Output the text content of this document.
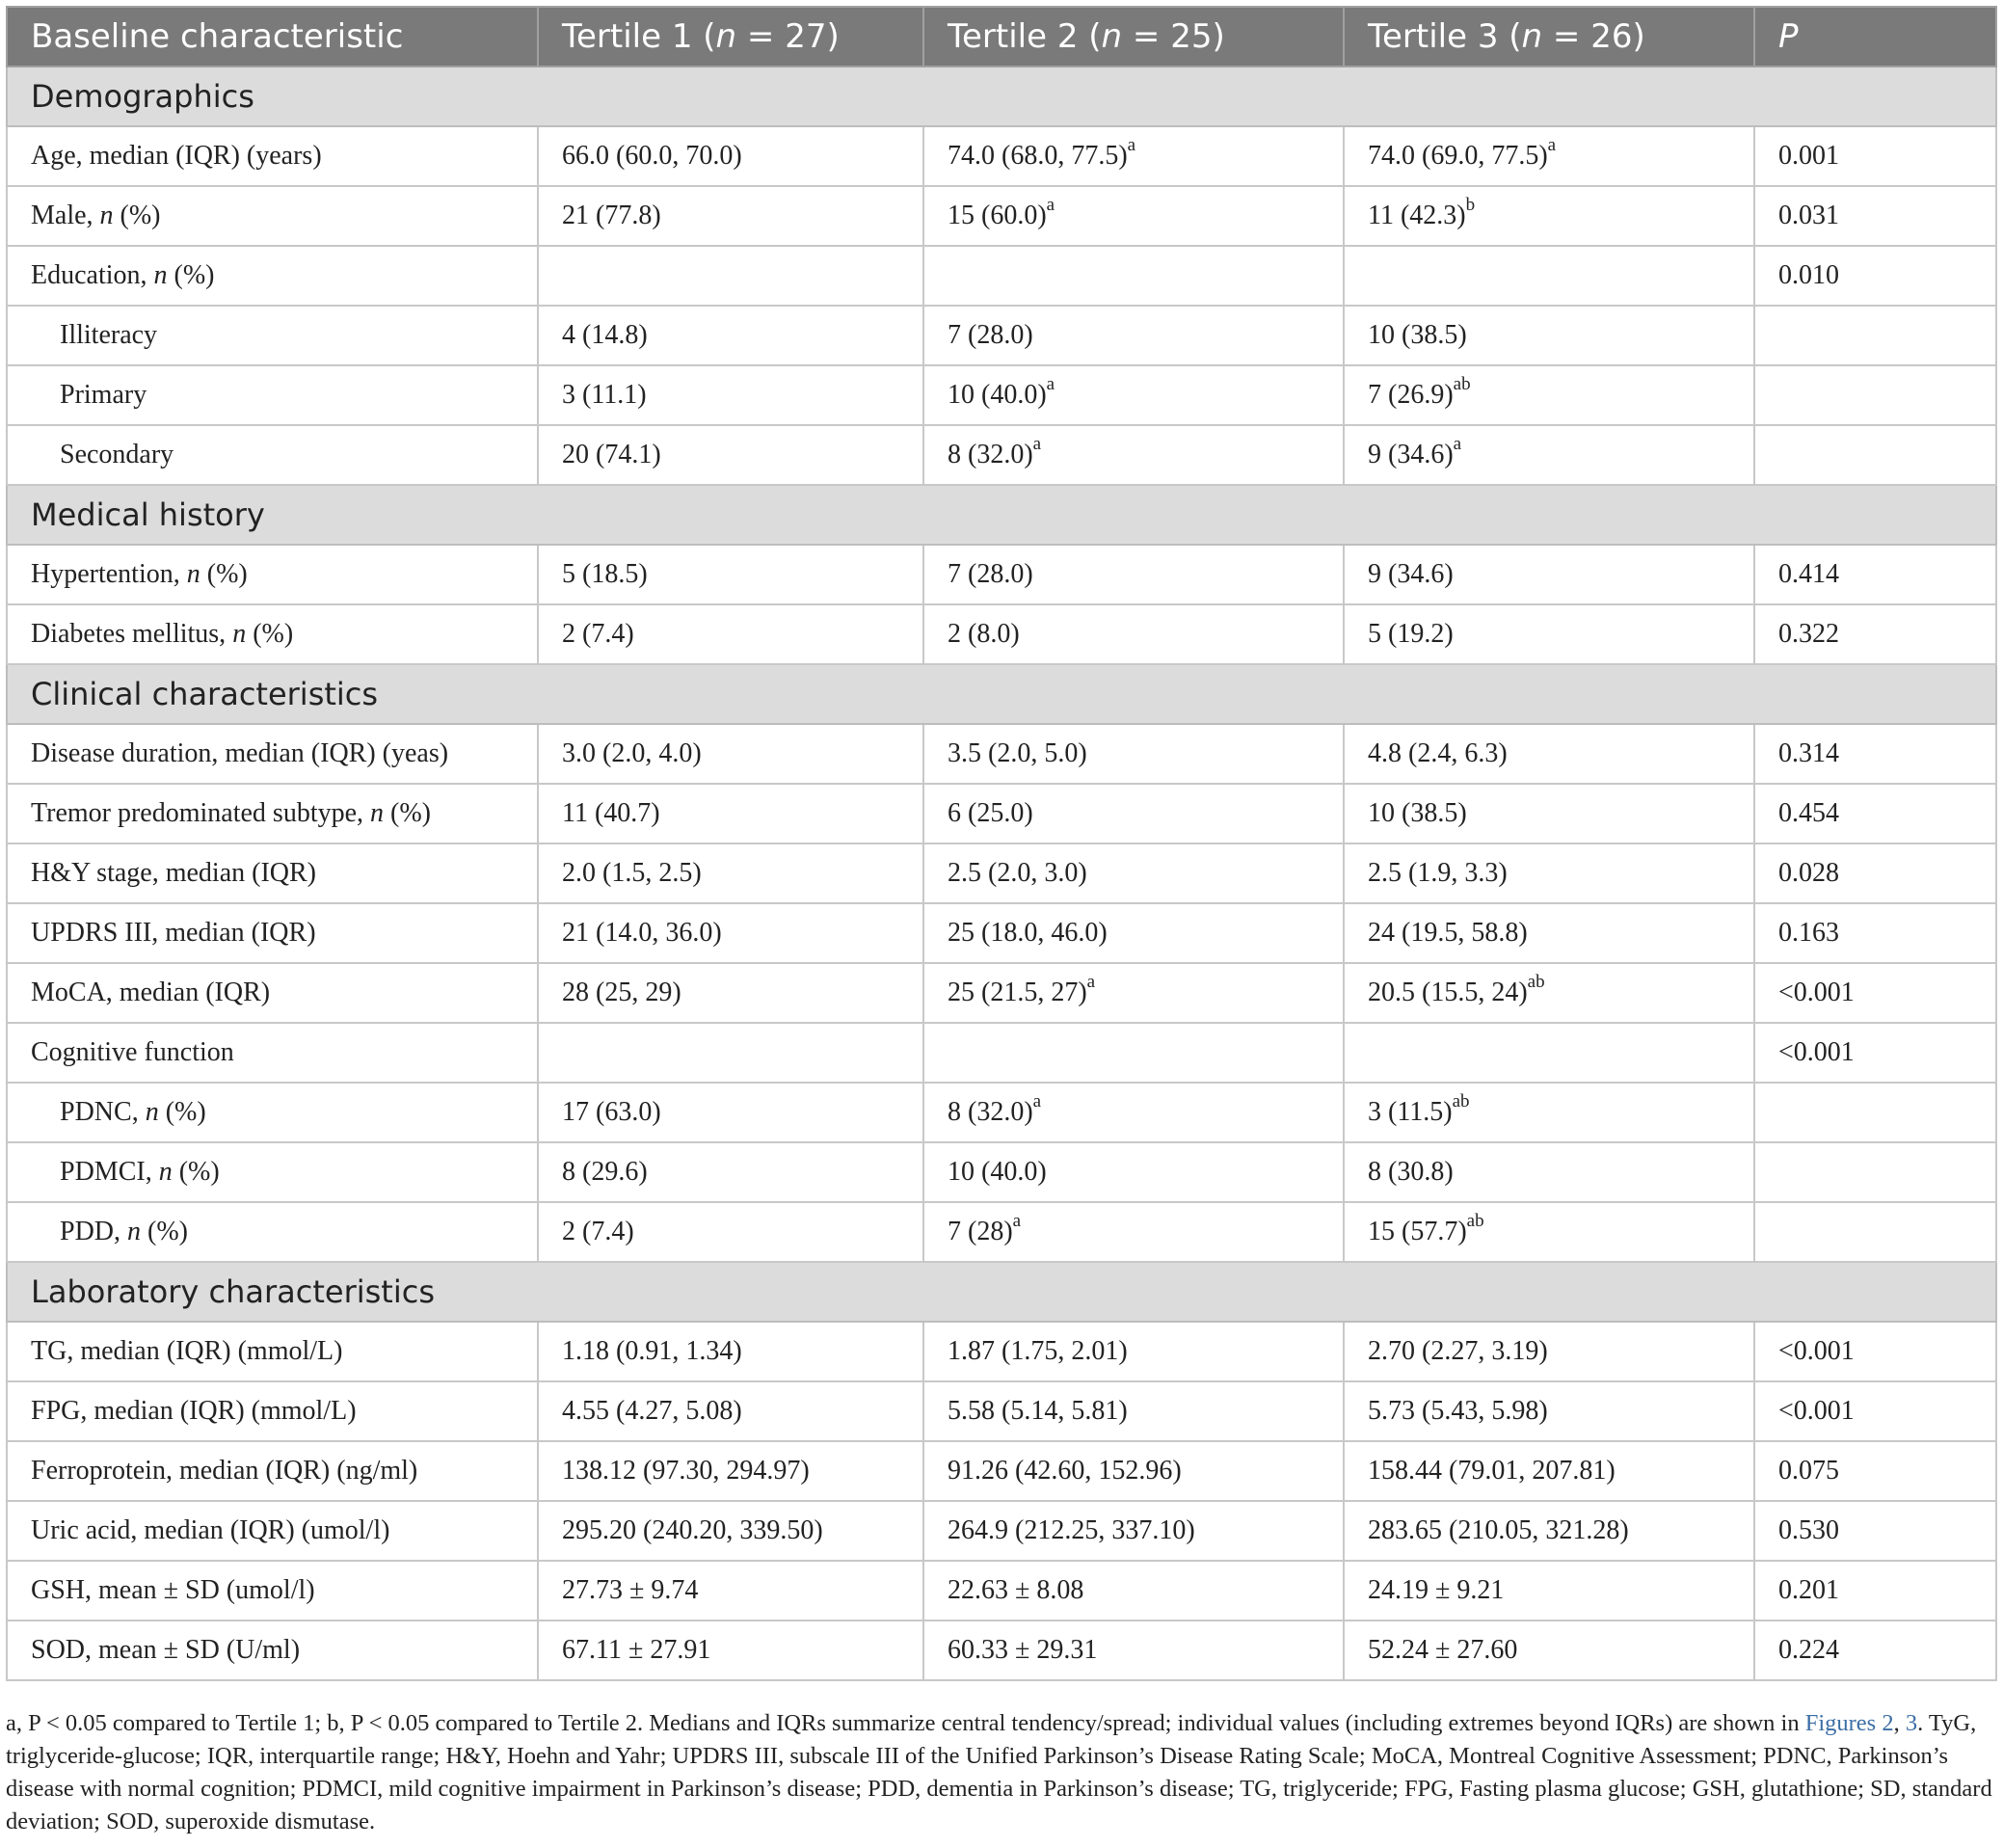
Baseline characteristic	Tertile 1 (n = 27)	Tertile 2 (n = 25)	Tertile 3 (n = 26)	P
Demographics				
Age, median (IQR) (years)	66.0 (60.0, 70.0)	74.0 (68.0, 77.5)$^a$	74.0 (69.0, 77.5)$^a$	0.001
Male, n (%)	21 (77.8)	15 $(60.0)^a$	11 $(42.3)^b$	0.031
Education, n (%)				0.010
Illiteracy	4 (14.8)	7 (28.0)	10 (38.5)	
Primary	3 (11.1)	10 $(40.0)^a$	7 $(26.9)^{ab}$	
Secondary	20 (74.1)	8 $(32.0)^a$	9 $(34.6)^a$	
Medical history				
Hypertention, n (%)	5 (18.5)	7 (28.0)	9 (34.6)	0.414
Diabetes mellitus, n (%)	2 (7.4)	2 (8.0)	5 (19.2)	0.322
Clinical characteristics				
Disease duration, median (IQR) (yeas)	3.0 (2.0, 4.0)	3.5 (2.0, 5.0)	4.8 (2.4, 6.3)	0.314
Tremor predominated subtype, n (%)	11 (40.7)	6 (25.0)	10 (38.5)	0.454
H&Y stage, median (IQR)	2.0 (1.5, 2.5)	2.5 (2.0, 3.0)	2.5 (1.9, 3.3)	0.028
UPDRS III, median (IQR)	21 (14.0, 36.0)	25 (18.0, 46.0)	24 (19.5, 58.8)	0.163
MoCA, median (IQR)	28 (25, 29)	25 (21.5, 27)$^a$	20.5 (15.5, 24)$^{ab}$	<0.001
Cognitive function				<0.001
PDNC, n (%)	17 (63.0)	8 $(32.0)^a$	3 $(11.5)^{ab}$	
PDMCI, n (%)	8 (29.6)	10 (40.0)	8 (30.8)	
PDD, n (%)	2 (7.4)	7 $(28)^a$	15 $(57.7)^{ab}$	
Laboratory characteristics				
TG, median (IQR) (mmol/L)	1.18 (0.91, 1.34)	1.87 (1.75, 2.01)	2.70 (2.27, 3.19)	<0.001
FPG, median (IQR) (mmol/L)	4.55 (4.27, 5.08)	5.58 (5.14, 5.81)	5.73 (5.43, 5.98)	<0.001
Ferroprotein, median (IQR) (ng/ml)	138.12 (97.30, 294.97)	91.26 (42.60, 152.96)	158.44 (79.01, 207.81)	0.075
Uric acid, median (IQR) (umol/l)	295.20 (240.20, 339.50)	264.9 (212.25, 337.10)	283.65 (210.05, 321.28)	0.530
GSH, mean ± SD (umol/l)	27.73 ± 9.74	22.63 ± 8.08	24.19 ± 9.21	0.201
SOD, mean ± SD (U/ml)	67.11 ± 27.91	60.33 ± 29.31	52.24 ± 27.60	0.224
a, P < 0.05 compared to Tertile 1; b, P < 0.05 compared to Tertile 2. Medians and IQRs summarize central tendency/spread; individual values (including extremes beyond IQRs) are shown in Figures 2, 3. TyG, triglyceride-glucose; IQR, interquartile range; H&Y, Hoehn and Yahr; UPDRS III, subscale III of the Unified Parkinson’s Disease Rating Scale; MoCA, Montreal Cognitive Assessment; PDNC, Parkinson’s disease with normal cognition; PDMCI, mild cognitive impairment in Parkinson’s disease; PDD, dementia in Parkinson’s disease; TG, triglyceride; FPG, Fasting plasma glucose; GSH, glutathione; SD, standard deviation; SOD, superoxide dismutase.
